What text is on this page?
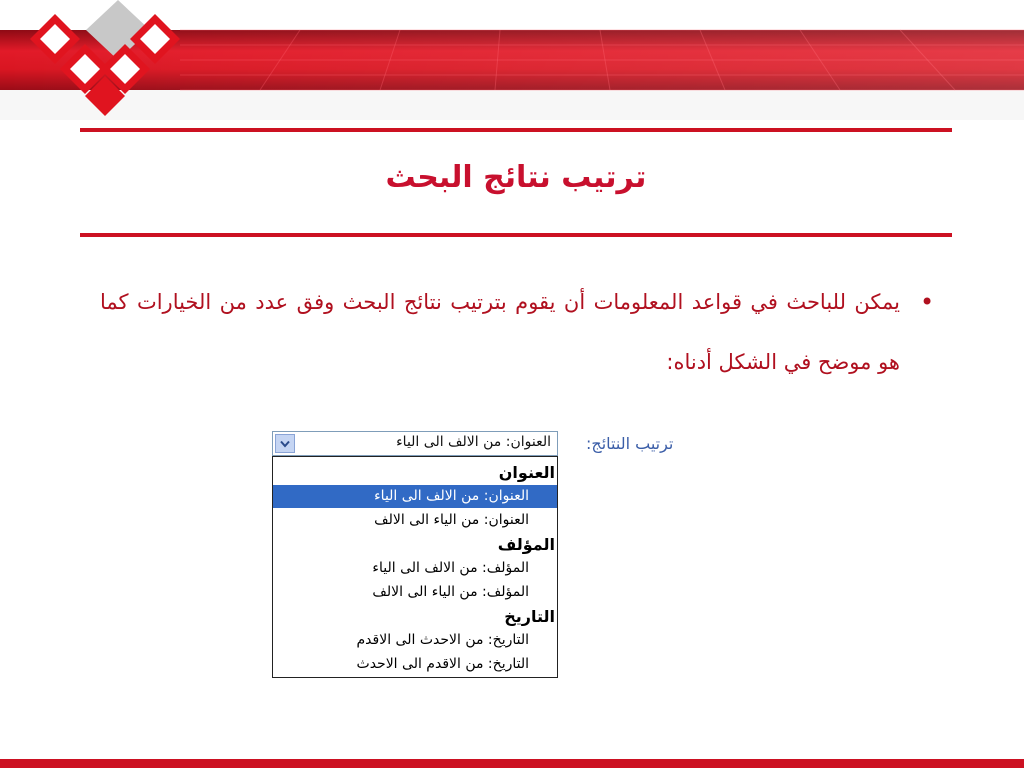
ترتيب نتائج البحث
•
يمكن للباحث في قواعد المعلومات أن يقوم بترتيب نتائج البحث وفق عدد من الخيارات كما هو موضح في الشكل أدناه:
ترتيب النتائج:
العنوان: من الالف الى الياء
العنوان
العنوان: من الالف الى الياء
العنوان: من الياء الى الالف
المؤلف
المؤلف: من الالف الى الياء
المؤلف: من الياء الى الالف
التاريخ
التاريخ: من الاحدث الى الاقدم
التاريخ: من الاقدم الى الاحدث
